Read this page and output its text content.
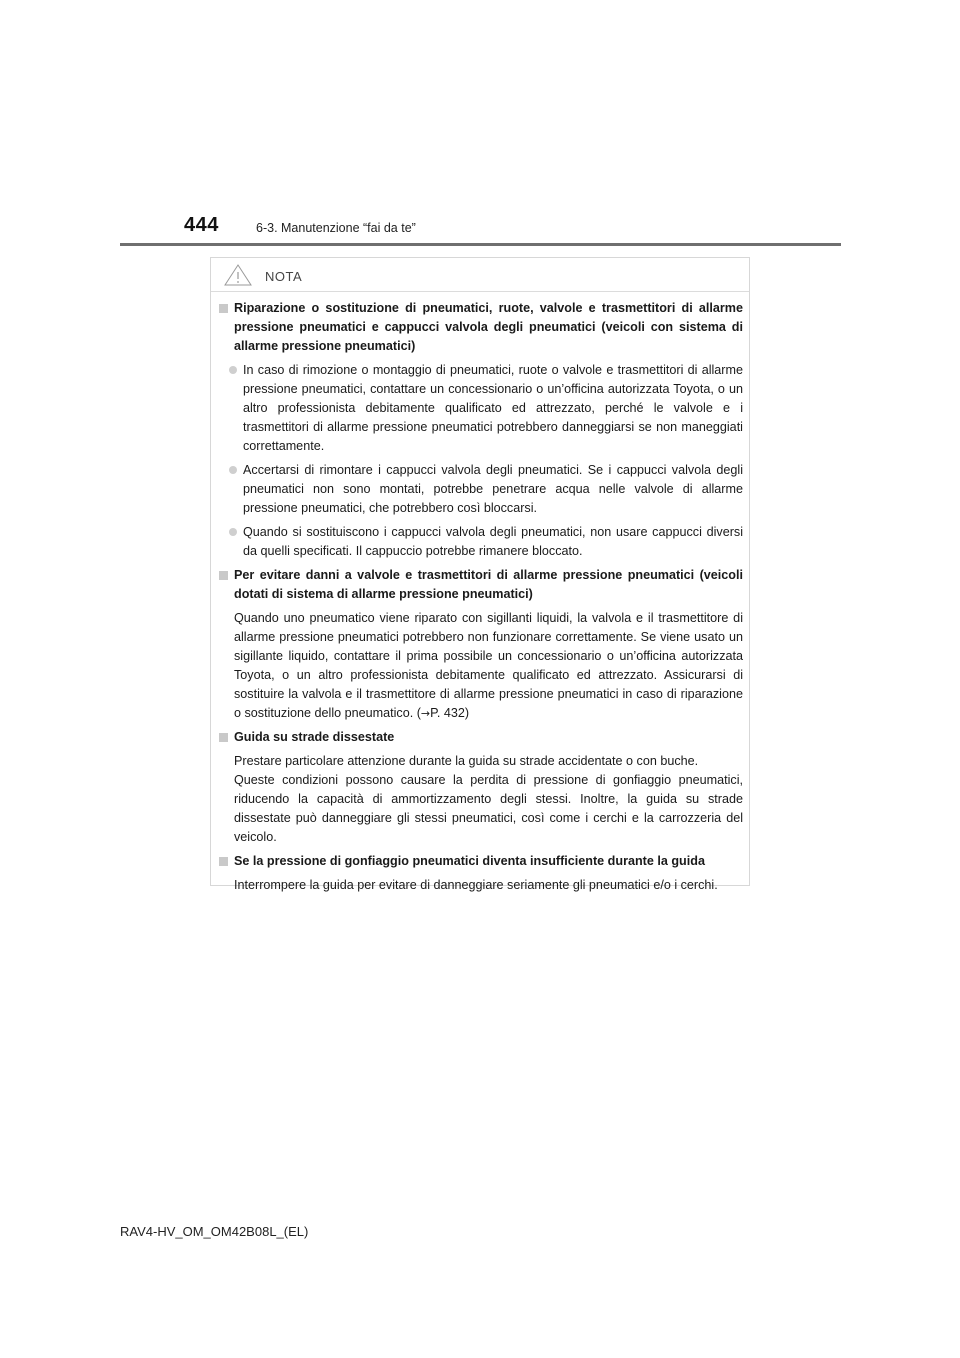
444	6-3. Manutenzione “fai da te”
NOTA
Riparazione o sostituzione di pneumatici, ruote, valvole e trasmettitori di allarme pressione pneumatici e cappucci valvola degli pneumatici (veicoli con sistema di allarme pressione pneumatici)
In caso di rimozione o montaggio di pneumatici, ruote o valvole e trasmettitori di allarme pressione pneumatici, contattare un concessionario o un’officina autorizzata Toyota, o un altro professionista debitamente qualificato ed attrezzato, perché le valvole e i trasmettitori di allarme pressione pneumatici potrebbero danneggiarsi se non maneggiati correttamente.
Accertarsi di rimontare i cappucci valvola degli pneumatici. Se i cappucci valvola degli pneumatici non sono montati, potrebbe penetrare acqua nelle valvole di allarme pressione pneumatici, che potrebbero così bloccarsi.
Quando si sostituiscono i cappucci valvola degli pneumatici, non usare cappucci diversi da quelli specificati. Il cappuccio potrebbe rimanere bloccato.
Per evitare danni a valvole e trasmettitori di allarme pressione pneumatici (veicoli dotati di sistema di allarme pressione pneumatici)
Quando uno pneumatico viene riparato con sigillanti liquidi, la valvola e il trasmettitore di allarme pressione pneumatici potrebbero non funzionare correttamente. Se viene usato un sigillante liquido, contattare il prima possibile un concessionario o un’officina autorizzata Toyota, o un altro professionista debitamente qualificato ed attrezzato. Assicurarsi di sostituire la valvola e il trasmettitore di allarme pressione pneumatici in caso di riparazione o sostituzione dello pneumatico. (→P. 432)
Guida su strade dissestate
Prestare particolare attenzione durante la guida su strade accidentate o con buche.
Queste condizioni possono causare la perdita di pressione di gonfiaggio pneumatici, riducendo la capacità di ammortizzamento degli stessi. Inoltre, la guida su strade dissestate può danneggiare gli stessi pneumatici, così come i cerchi e la carrozzeria del veicolo.
Se la pressione di gonfiaggio pneumatici diventa insufficiente durante la guida
Interrompere la guida per evitare di danneggiare seriamente gli pneumatici e/o i cerchi.
RAV4-HV_OM_OM42B08L_(EL)
